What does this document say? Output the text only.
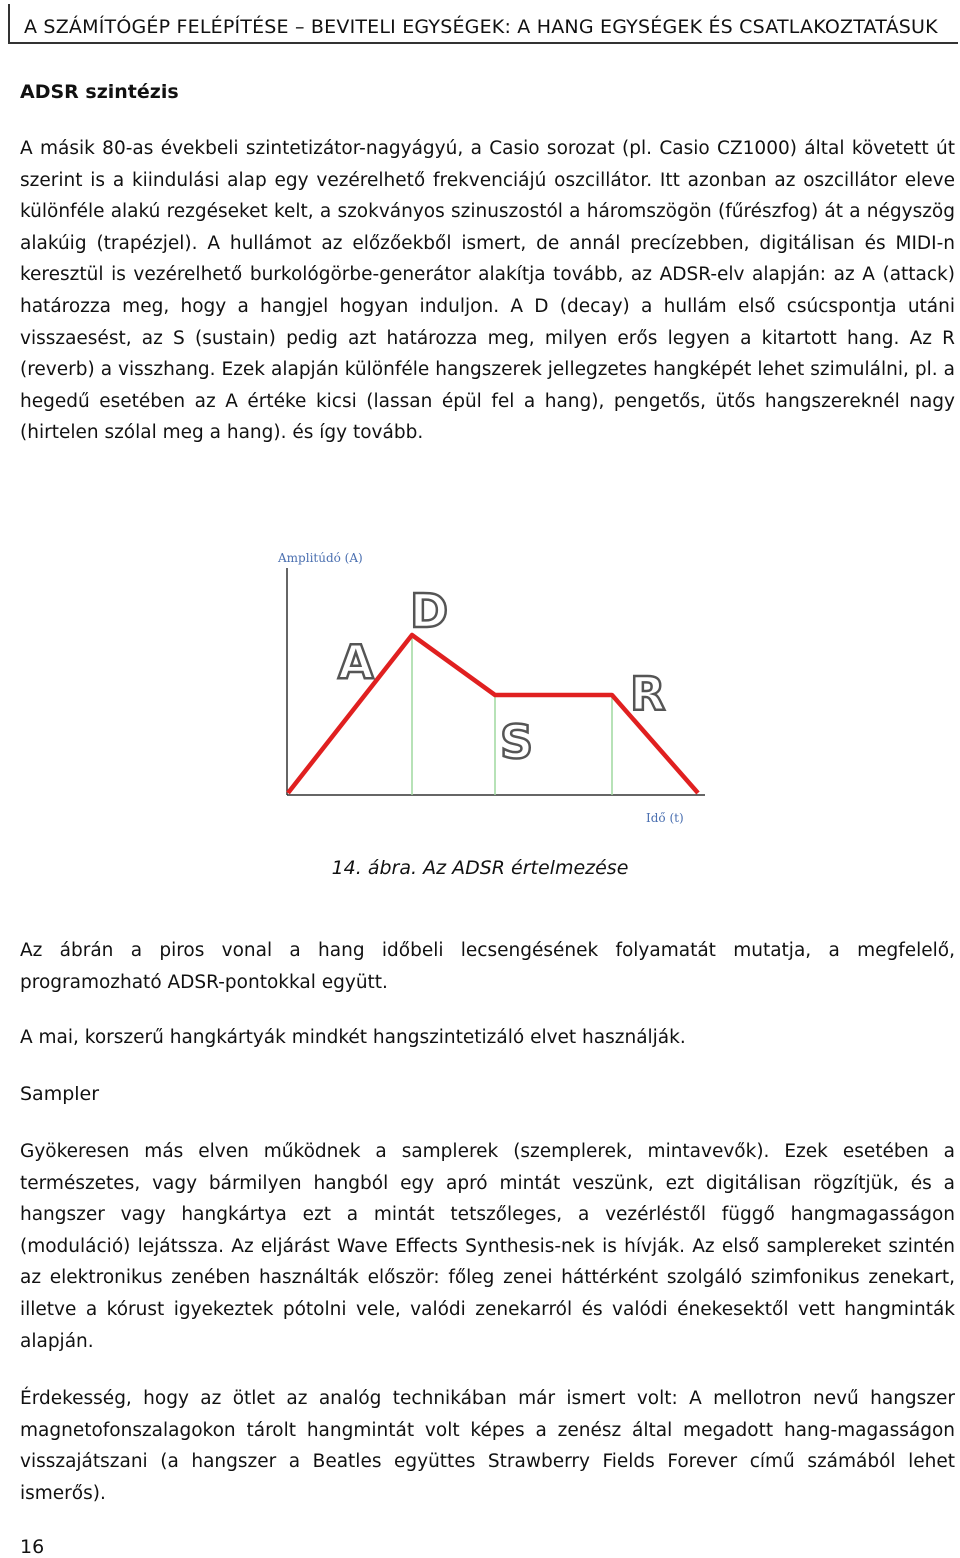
A SZÁMÍTÓGÉP FELÉPÍTÉSE – BEVITELI EGYSÉGEK: A HANG EGYSÉGEK ÉS CSATLAKOZTATÁSUK
ADSR szintézis

A másik 80-as évekbeli szintetizátor-nagyágyú, a Casio sorozat (pl. Casio CZ1000) által követett út szerint is a kiindulási alap egy vezérelhető frekvenciájú oszcillátor. Itt azonban az oszcillátor eleve különféle alakú rezgéseket kelt, a szokványos szinuszostól a háromszögön (fűrészfog) át a négyszög alakúig (trapézjel). A hullámot az előzőekből ismert, de annál precízebben, digitálisan és MIDI-n keresztül is vezérelhető burkológörbe-generátor alakítja tovább, az ADSR-elv alapján: az A (attack) határozza meg, hogy a hangjel hogyan induljon. A D (decay) a hullám első csúcspontja utáni visszaesést, az S (sustain) pedig azt határozza meg, milyen erős legyen a kitartott hang. Az R (reverb) a visszhang. Ezek alapján különféle hangszerek jellegzetes hangképét lehet szimulálni, pl. a hegedű esetében az A értéke kicsi (lassan épül fel a hang), pengetős, ütős hangszereknél nagy (hirtelen szólal meg a hang). és így tovább.

Amplitúdó (A)
Idő (t)
A
D
S
R
14. ábra. Az ADSR értelmezése

Az ábrán a piros vonal a hang időbeli lecsengésének folyamatát mutatja, a megfelelő, programozható ADSR-pontokkal együtt.

A mai, korszerű hangkártyák mindkét hangszintetizáló elvet használják.

Sampler

Gyökeresen más elven működnek a samplerek (szemplerek, mintavevők). Ezek esetében a természetes, vagy bármilyen hangból egy apró mintát veszünk, ezt digitálisan rögzítjük, és a hangszer vagy hangkártya ezt a mintát tetszőleges, a vezérléstől függő hangmagasságon (moduláció) lejátssza. Az eljárást Wave Effects Synthesis-nek is hívják. Az első samplereket szintén az elektronikus zenében használták először: főleg zenei háttérként szolgáló szimfonikus zenekart, illetve a kórust igyekeztek pótolni vele, valódi zenekarról és valódi énekesektől vett hangminták alapján.

Érdekesség, hogy az ötlet az analóg technikában már ismert volt: A mellotron nevű hangszer magnetofonszalagokon tárolt hangmintát volt képes a zenész által megadott hang-magasságon visszajátszani (a hangszer a Beatles együttes Strawberry Fields Forever című számából lehet ismerős).

16
